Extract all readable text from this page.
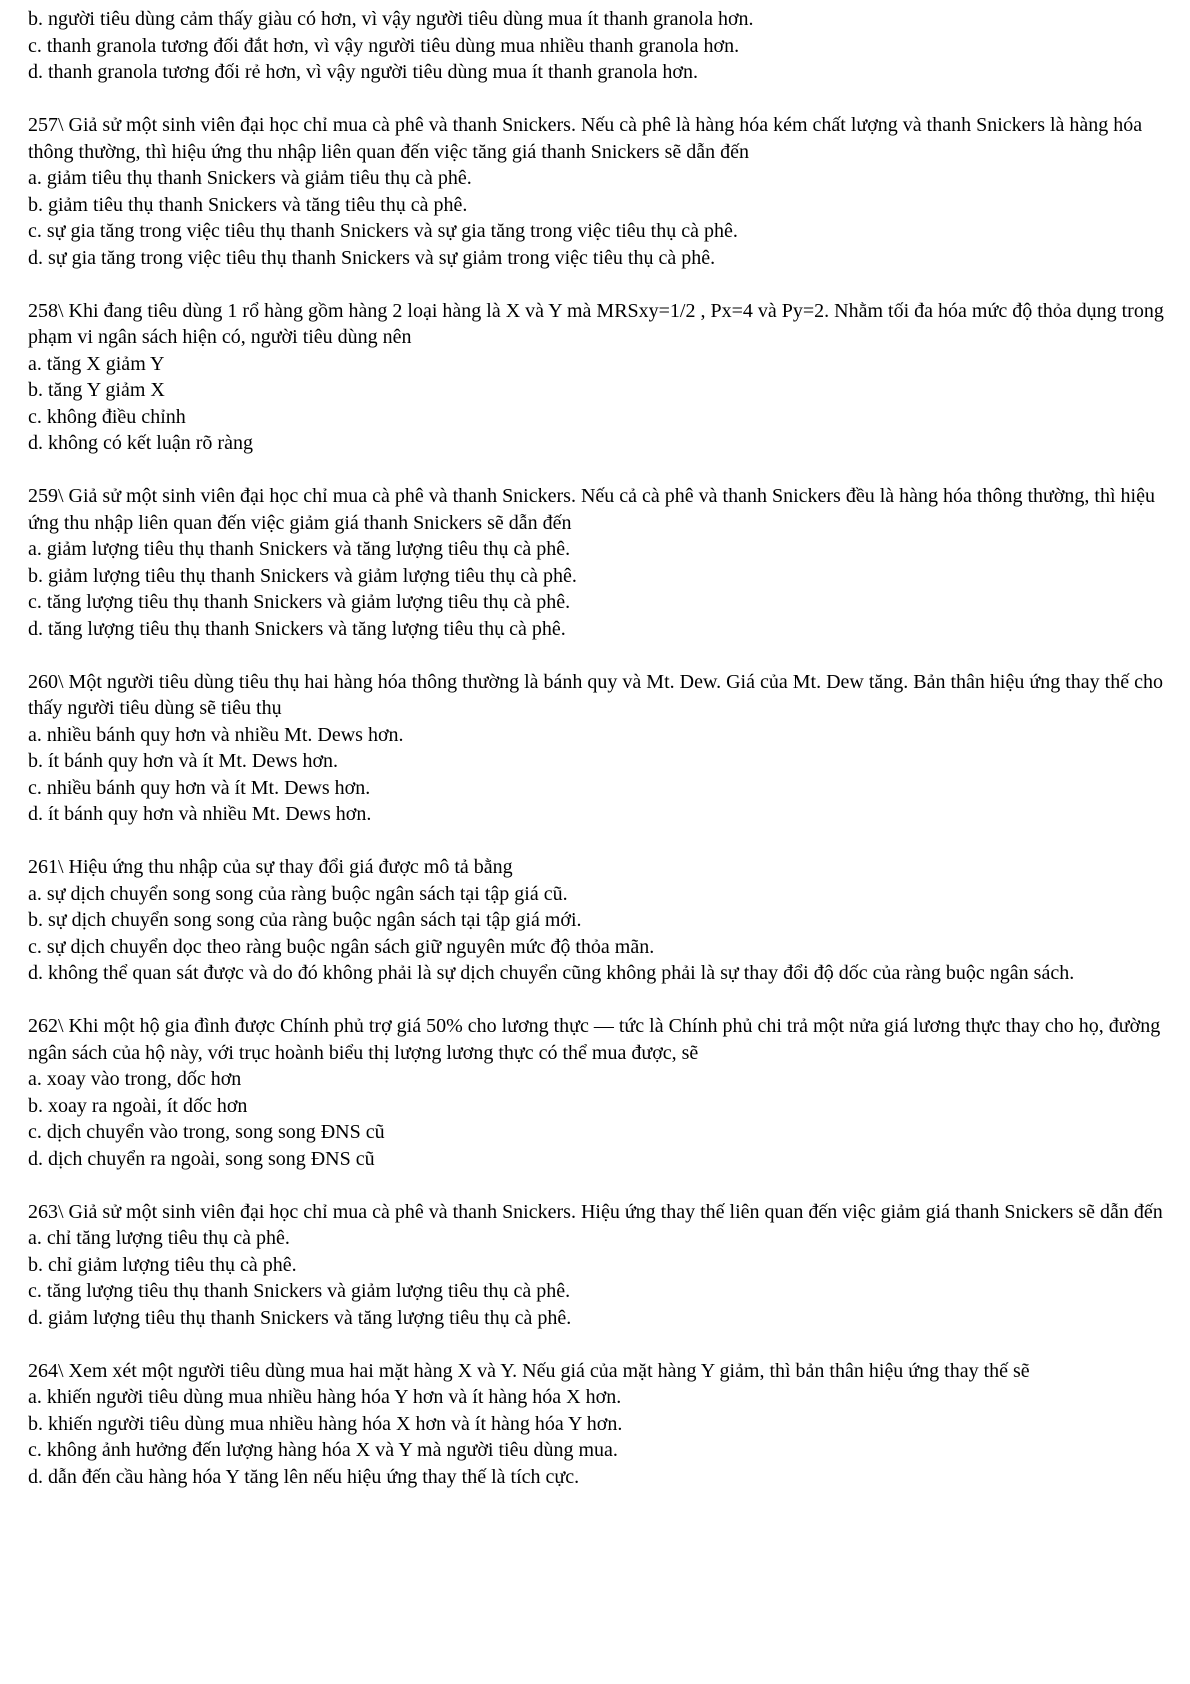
b. người tiêu dùng cảm thấy giàu có hơn, vì vậy người tiêu dùng mua ít thanh granola hơn.
c. thanh granola tương đối đắt hơn, vì vậy người tiêu dùng mua nhiều thanh granola hơn.
d. thanh granola tương đối rẻ hơn, vì vậy người tiêu dùng mua ít thanh granola hơn.
257\ Giả sử một sinh viên đại học chỉ mua cà phê và thanh Snickers. Nếu cà phê là hàng hóa kém chất lượng và thanh Snickers là hàng hóa thông thường, thì hiệu ứng thu nhập liên quan đến việc tăng giá thanh Snickers sẽ dẫn đến
a. giảm tiêu thụ thanh Snickers và giảm tiêu thụ cà phê.
b. giảm tiêu thụ thanh Snickers và tăng tiêu thụ cà phê.
c. sự gia tăng trong việc tiêu thụ thanh Snickers và sự gia tăng trong việc tiêu thụ cà phê.
d. sự gia tăng trong việc tiêu thụ thanh Snickers và sự giảm trong việc tiêu thụ cà phê.
258\ Khi đang tiêu dùng 1 rổ hàng gồm hàng 2 loại hàng là X và Y mà MRSxy=1/2 , Px=4 và Py=2. Nhằm tối đa hóa mức độ thỏa dụng trong phạm vi ngân sách hiện có, người tiêu dùng nên
a. tăng X giảm Y
b. tăng Y giảm X
c. không điều chỉnh
d. không có kết luận rõ ràng
259\ Giả sử một sinh viên đại học chỉ mua cà phê và thanh Snickers. Nếu cả cà phê và thanh Snickers đều là hàng hóa thông thường, thì hiệu ứng thu nhập liên quan đến việc giảm giá thanh Snickers sẽ dẫn đến
a. giảm lượng tiêu thụ thanh Snickers và tăng lượng tiêu thụ cà phê.
b. giảm lượng tiêu thụ thanh Snickers và giảm lượng tiêu thụ cà phê.
c. tăng lượng tiêu thụ thanh Snickers và giảm lượng tiêu thụ cà phê.
d. tăng lượng tiêu thụ thanh Snickers và tăng lượng tiêu thụ cà phê.
260\ Một người tiêu dùng tiêu thụ hai hàng hóa thông thường là bánh quy và Mt. Dew. Giá của Mt. Dew tăng. Bản thân hiệu ứng thay thế cho thấy người tiêu dùng sẽ tiêu thụ
a. nhiều bánh quy hơn và nhiều Mt. Dews hơn.
b. ít bánh quy hơn và ít Mt. Dews hơn.
c. nhiều bánh quy hơn và ít Mt. Dews hơn.
d. ít bánh quy hơn và nhiều Mt. Dews hơn.
261\ Hiệu ứng thu nhập của sự thay đổi giá được mô tả bằng
a. sự dịch chuyển song song của ràng buộc ngân sách tại tập giá cũ.
b. sự dịch chuyển song song của ràng buộc ngân sách tại tập giá mới.
c. sự dịch chuyển dọc theo ràng buộc ngân sách giữ nguyên mức độ thỏa mãn.
d. không thể quan sát được và do đó không phải là sự dịch chuyển cũng không phải là sự thay đổi độ dốc của ràng buộc ngân sách.
262\ Khi một hộ gia đình được Chính phủ trợ giá 50% cho lương thực — tức là Chính phủ chi trả một nửa giá lương thực thay cho họ, đường ngân sách của hộ này, với trục hoành biểu thị lượng lương thực có thể mua được, sẽ
a. xoay vào trong, dốc hơn
b. xoay ra ngoài, ít dốc hơn
c. dịch chuyển vào trong, song song ĐNS cũ
d. dịch chuyển ra ngoài, song song ĐNS cũ
263\ Giả sử một sinh viên đại học chỉ mua cà phê và thanh Snickers. Hiệu ứng thay thế liên quan đến việc giảm giá thanh Snickers sẽ dẫn đến
a. chỉ tăng lượng tiêu thụ cà phê.
b. chỉ giảm lượng tiêu thụ cà phê.
c. tăng lượng tiêu thụ thanh Snickers và giảm lượng tiêu thụ cà phê.
d. giảm lượng tiêu thụ thanh Snickers và tăng lượng tiêu thụ cà phê.
264\ Xem xét một người tiêu dùng mua hai mặt hàng X và Y. Nếu giá của mặt hàng Y giảm, thì bản thân hiệu ứng thay thế sẽ
a. khiến người tiêu dùng mua nhiều hàng hóa Y hơn và ít hàng hóa X hơn.
b. khiến người tiêu dùng mua nhiều hàng hóa X hơn và ít hàng hóa Y hơn.
c. không ảnh hưởng đến lượng hàng hóa X và Y mà người tiêu dùng mua.
d. dẫn đến cầu hàng hóa Y tăng lên nếu hiệu ứng thay thế là tích cực.
